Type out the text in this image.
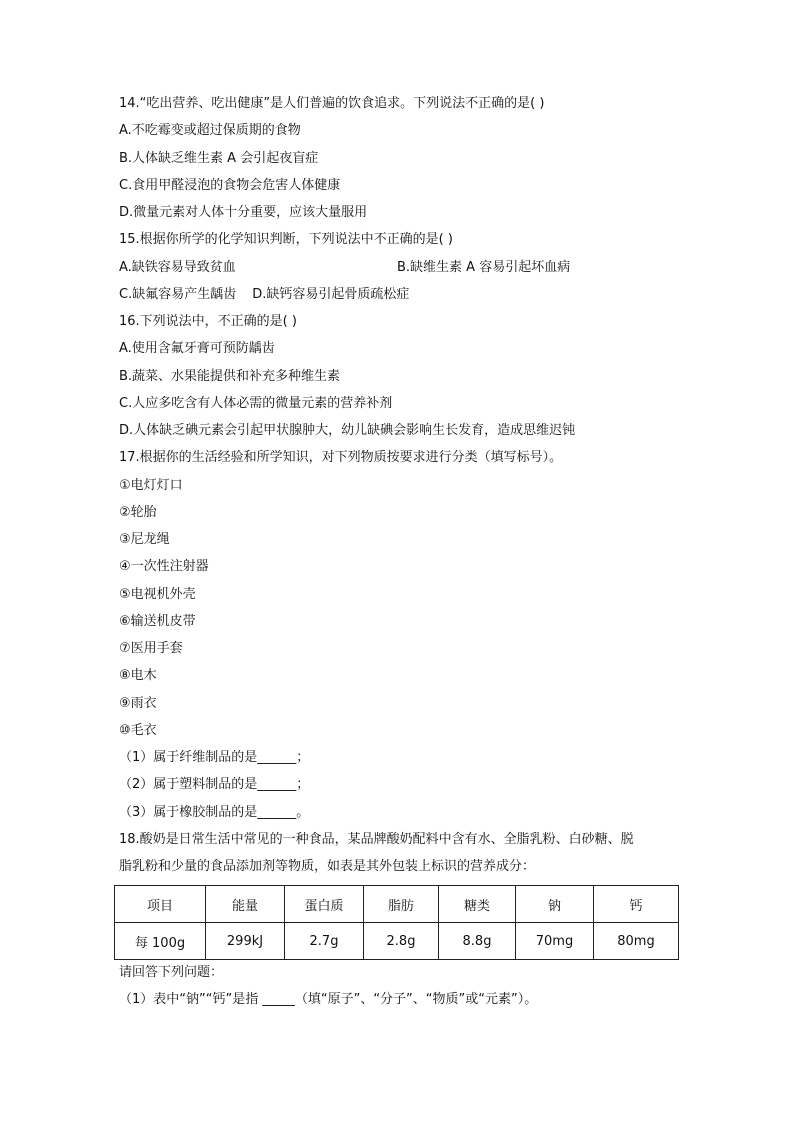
14.“吃出营养、吃出健康”是人们普遍的饮食追求。下列说法不正确的是( )
A.不吃霉变或超过保质期的食物
B.人体缺乏维生素 A 会引起夜盲症
C.食用甲醛浸泡的食物会危害人体健康
D.微量元素对人体十分重要，应该大量服用
15.根据你所学的化学知识判断，下列说法中不正确的是( )
A.缺铁容易导致贫血	B.缺维生素 A 容易引起坏血病
C.缺氟容易产生龋齿 D.缺钙容易引起骨质疏松症
16.下列说法中，不正确的是( )
A.使用含氟牙膏可预防龋齿
B.蔬菜、水果能提供和补充多种维生素
C.人应多吃含有人体必需的微量元素的营养补剂
D.人体缺乏碘元素会引起甲状腺肿大，幼儿缺碘会影响生长发育，造成思维迟钝
17.根据你的生活经验和所学知识，对下列物质按要求进行分类（填写标号）。
①电灯灯口
②轮胎
③尼龙绳
④一次性注射器
⑤电视机外壳
⑥输送机皮带
⑦医用手套
⑧电木
⑨雨衣
⑩毛衣
（1）属于纤维制品的是______；
（2）属于塑料制品的是______；
（3）属于橡胶制品的是______。
18.酸奶是日常生活中常见的一种食品，某品牌酸奶配料中含有水、全脂乳粉、白砂糖、脱
脂乳粉和少量的食品添加剂等物质，如表是其外包装上标识的营养成分：
项目	能量	蛋白质	脂肪	糖类	钠	钙
每 100g	299kJ	2.7g	2.8g	8.8g	70mg	80mg
请回答下列问题：
（1）表中“钠”“钙”是指 _____（填“原子”、“分子”、“物质”或“元素”）。
